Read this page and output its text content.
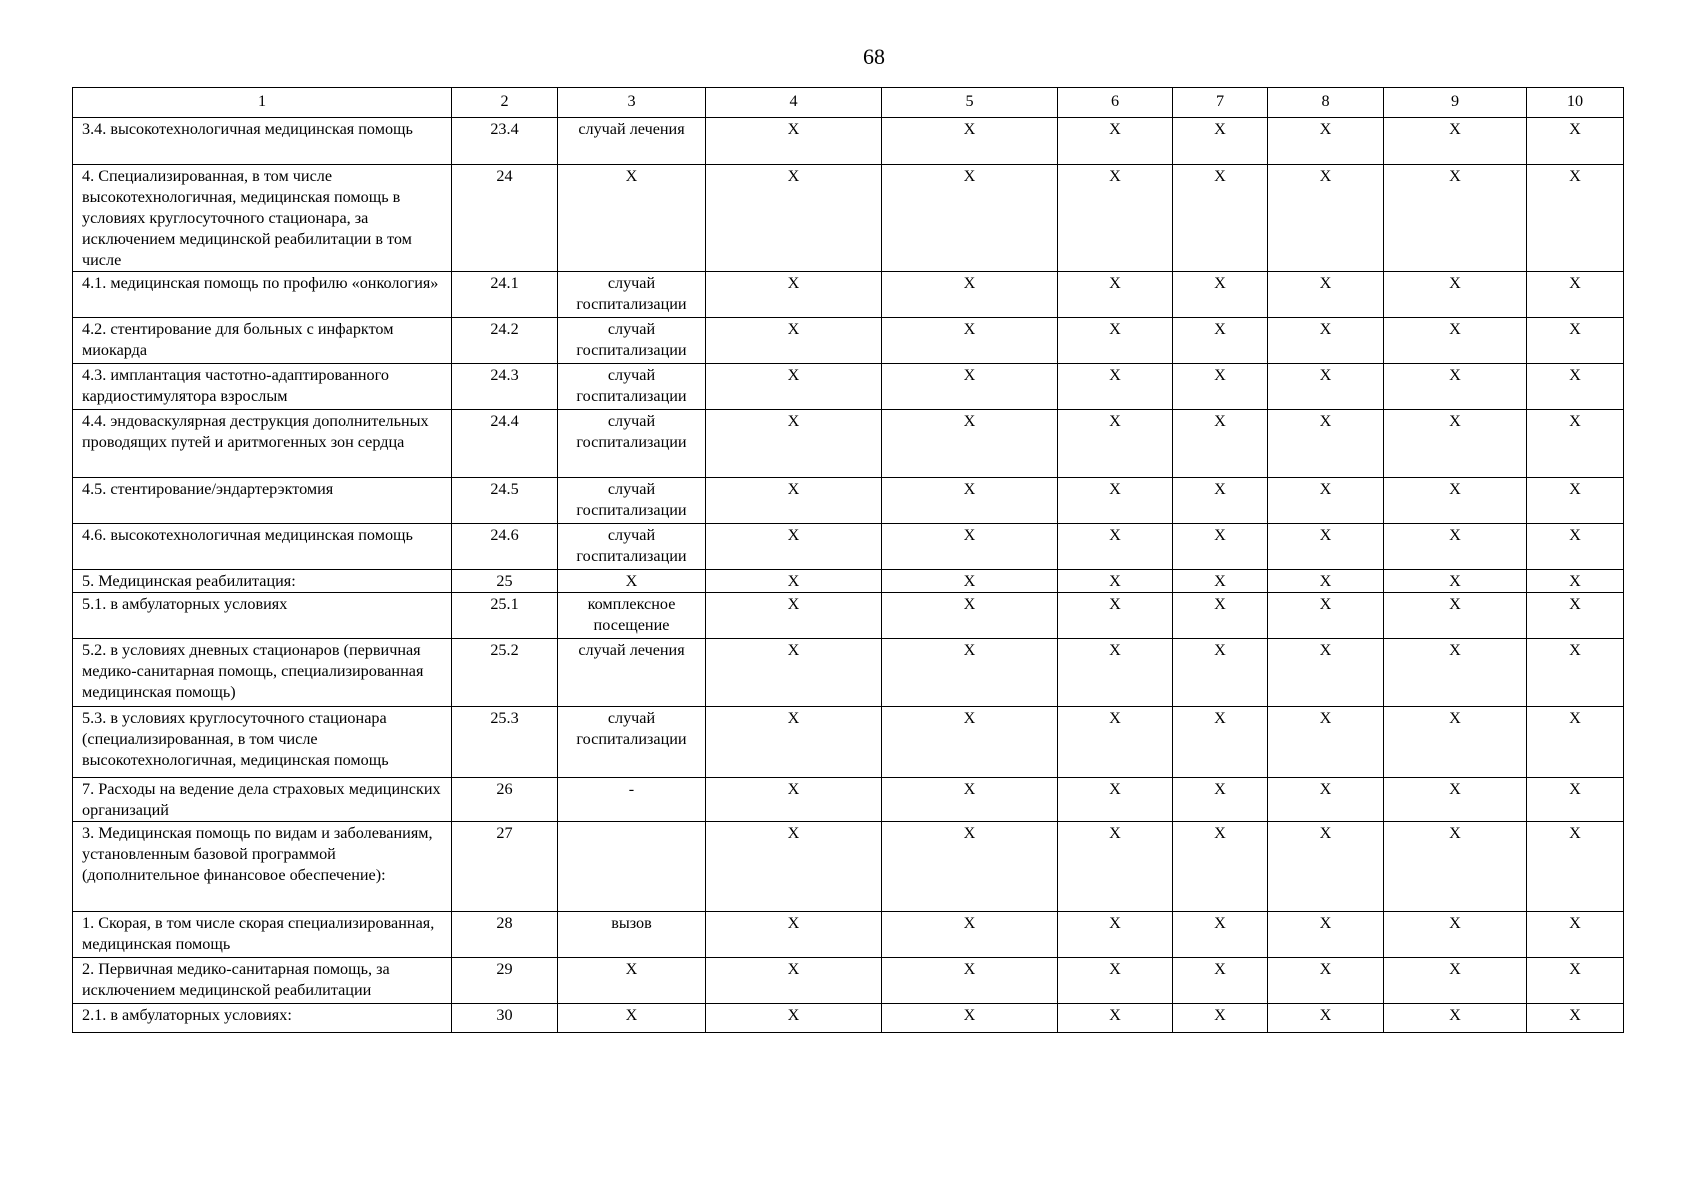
68
1	2	3	4	5	6	7	8	9	10
3.4. высокотехнологичная медицинская помощь	23.4	случай лечения	X	X	X	X	X	X	X
4. Специализированная, в том числе высокотехнологичная, медицинская помощь в условиях круглосуточного стационара, за исключением медицинской реабилитации в том числе	24	X	X	X	X	X	X	X	X
4.1. медицинская помощь по профилю «онкология»	24.1	случай госпитализации	X	X	X	X	X	X	X
4.2. стентирование для больных с инфарктом миокарда	24.2	случай госпитализации	X	X	X	X	X	X	X
4.3. имплантация частотно-адаптированного кардиостимулятора взрослым	24.3	случай госпитализации	X	X	X	X	X	X	X
4.4. эндоваскулярная деструкция дополнительных проводящих путей и аритмогенных зон сердца	24.4	случай госпитализации	X	X	X	X	X	X	X
4.5. стентирование/эндартерэктомия	24.5	случай госпитализации	X	X	X	X	X	X	X
4.6. высокотехнологичная медицинская помощь	24.6	случай госпитализации	X	X	X	X	X	X	X
5. Медицинская реабилитация:	25	X	X	X	X	X	X	X	X
5.1. в амбулаторных условиях	25.1	комплексное посещение	X	X	X	X	X	X	X
5.2. в условиях дневных стационаров (первичная медико-санитарная помощь, специализированная медицинская помощь)	25.2	случай лечения	X	X	X	X	X	X	X
5.3. в условиях круглосуточного стационара (специализированная, в том числе высокотехнологичная, медицинская помощь	25.3	случай госпитализации	X	X	X	X	X	X	X
7. Расходы на ведение дела страховых медицинских организаций	26	-	X	X	X	X	X	X	X
3. Медицинская помощь по видам и заболеваниям, установленным базовой программой (дополнительное финансовое обеспечение):	27		X	X	X	X	X	X	X
1. Скорая, в том числе скорая специализированная, медицинская помощь	28	вызов	X	X	X	X	X	X	X
2. Первичная медико-санитарная помощь, за исключением медицинской реабилитации	29	X	X	X	X	X	X	X	X
2.1. в амбулаторных условиях:	30	X	X	X	X	X	X	X	X
